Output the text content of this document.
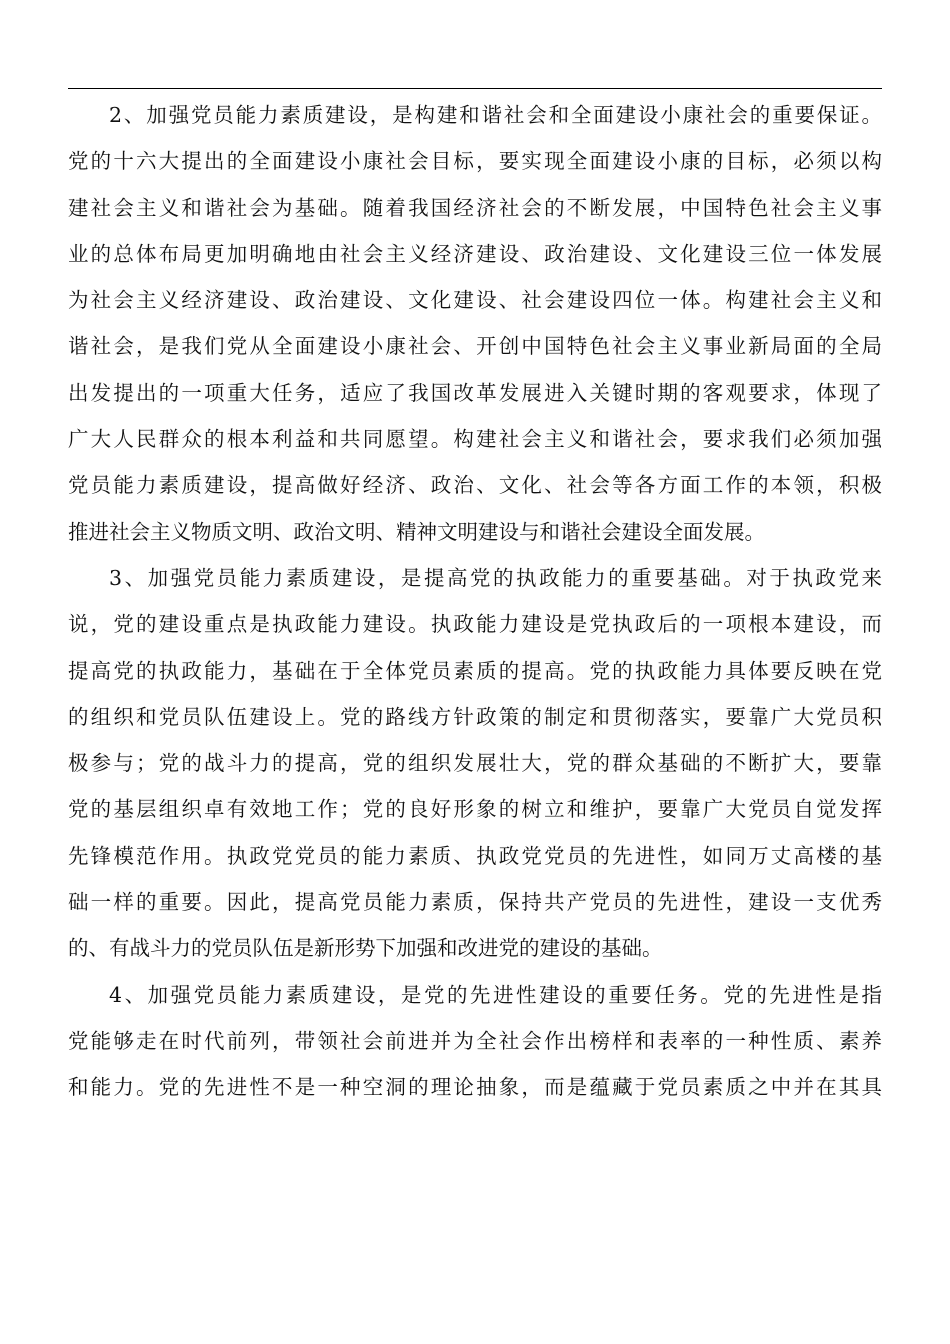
2、加强党员能力素质建设，是构建和谐社会和全面建设小康社会的重要保证。
党的十六大提出的全面建设小康社会目标，要实现全面建设小康的目标，必须以构
建社会主义和谐社会为基础。随着我国经济社会的不断发展，中国特色社会主义事
业的总体布局更加明确地由社会主义经济建设、政治建设、文化建设三位一体发展
为社会主义经济建设、政治建设、文化建设、社会建设四位一体。构建社会主义和
谐社会，是我们党从全面建设小康社会、开创中国特色社会主义事业新局面的全局
出发提出的一项重大任务，适应了我国改革发展进入关键时期的客观要求，体现了
广大人民群众的根本利益和共同愿望。构建社会主义和谐社会，要求我们必须加强
党员能力素质建设，提高做好经济、政治、文化、社会等各方面工作的本领，积极
推进社会主义物质文明、政治文明、精神文明建设与和谐社会建设全面发展。
3、加强党员能力素质建设，是提高党的执政能力的重要基础。对于执政党来
说，党的建设重点是执政能力建设。执政能力建设是党执政后的一项根本建设，而
提高党的执政能力，基础在于全体党员素质的提高。党的执政能力具体要反映在党
的组织和党员队伍建设上。党的路线方针政策的制定和贯彻落实，要靠广大党员积
极参与；党的战斗力的提高，党的组织发展壮大，党的群众基础的不断扩大，要靠
党的基层组织卓有效地工作；党的良好形象的树立和维护，要靠广大党员自觉发挥
先锋模范作用。执政党党员的能力素质、执政党党员的先进性，如同万丈高楼的基
础一样的重要。因此，提高党员能力素质，保持共产党员的先进性，建设一支优秀
的、有战斗力的党员队伍是新形势下加强和改进党的建设的基础。
4、加强党员能力素质建设，是党的先进性建设的重要任务。党的先进性是指
党能够走在时代前列，带领社会前进并为全社会作出榜样和表率的一种性质、素养
和能力。党的先进性不是一种空洞的理论抽象，而是蕴藏于党员素质之中并在其具
